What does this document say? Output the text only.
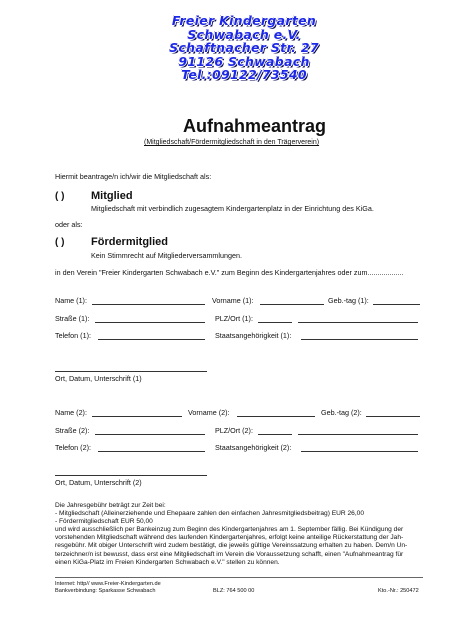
Freier Kindergarten
Schwabach e.V.
Schaftnacher Str. 27
91126 Schwabach
Tel.:09122/73540
Aufnahmeantrag
(Mitgliedschaft/Fördermitgliedschaft in den Trägerverein)
Hiermit beantrage/n ich/wir die Mitgliedschaft als:
( ) Mitglied
Mitgliedschaft mit verbindlich zugesagtem Kindergartenplatz in der Einrichtung des KiGa.
oder als:
( ) Fördermitglied
Kein Stimmrecht auf Mitgliederversammlungen.
in den Verein "Freier Kindergarten Schwabach e.V." zum Beginn des Kindergartenjahres oder zum..................
Name (1):	Vorname (1):	Geb.-tag (1):
Straße (1):	PLZ/Ort (1):
Telefon (1):	Staatsangehörigkeit (1):
Ort, Datum, Unterschrift (1)
Name (2):	Vorname (2):	Geb.-tag (2):
Straße (2):	PLZ/Ort (2):
Telefon (2):	Staatsangehörigkeit (2):
Ort, Datum, Unterschrift (2)
Die Jahresgebühr beträgt zur Zeit bei:
- Mitgliedschaft (Alleinerziehende und Ehepaare zahlen den einfachen Jahresmitgliedsbeitrag) EUR 26,00
- Fördermitgliedschaft EUR 50,00
und wird ausschließlich per Bankeinzug zum Beginn des Kindergartenjahres am 1. September fällig. Bei Kündigung der
vorstehenden Mitgliedschaft während des laufenden Kindergartenjahres, erfolgt keine anteilige Rückerstattung der Jah-
resgebühr. Mit obiger Unterschrift wird zudem bestätigt, die jeweils gültige Vereinssatzung erhalten zu haben. Dem/n Un-
terzeichner/n ist bewusst, dass erst eine Mitgliedschaft im Verein die Voraussetzung schafft, einen "Aufnahmeantrag für
einen KiGa-Platz im Freien Kindergarten Schwabach e.V." stellen zu können.
Internet: http// www.Freier-Kindergarten.de
Bankverbindung: Sparkasse Schwabach	BLZ: 764 500 00	Kto.-Nr.: 250472
